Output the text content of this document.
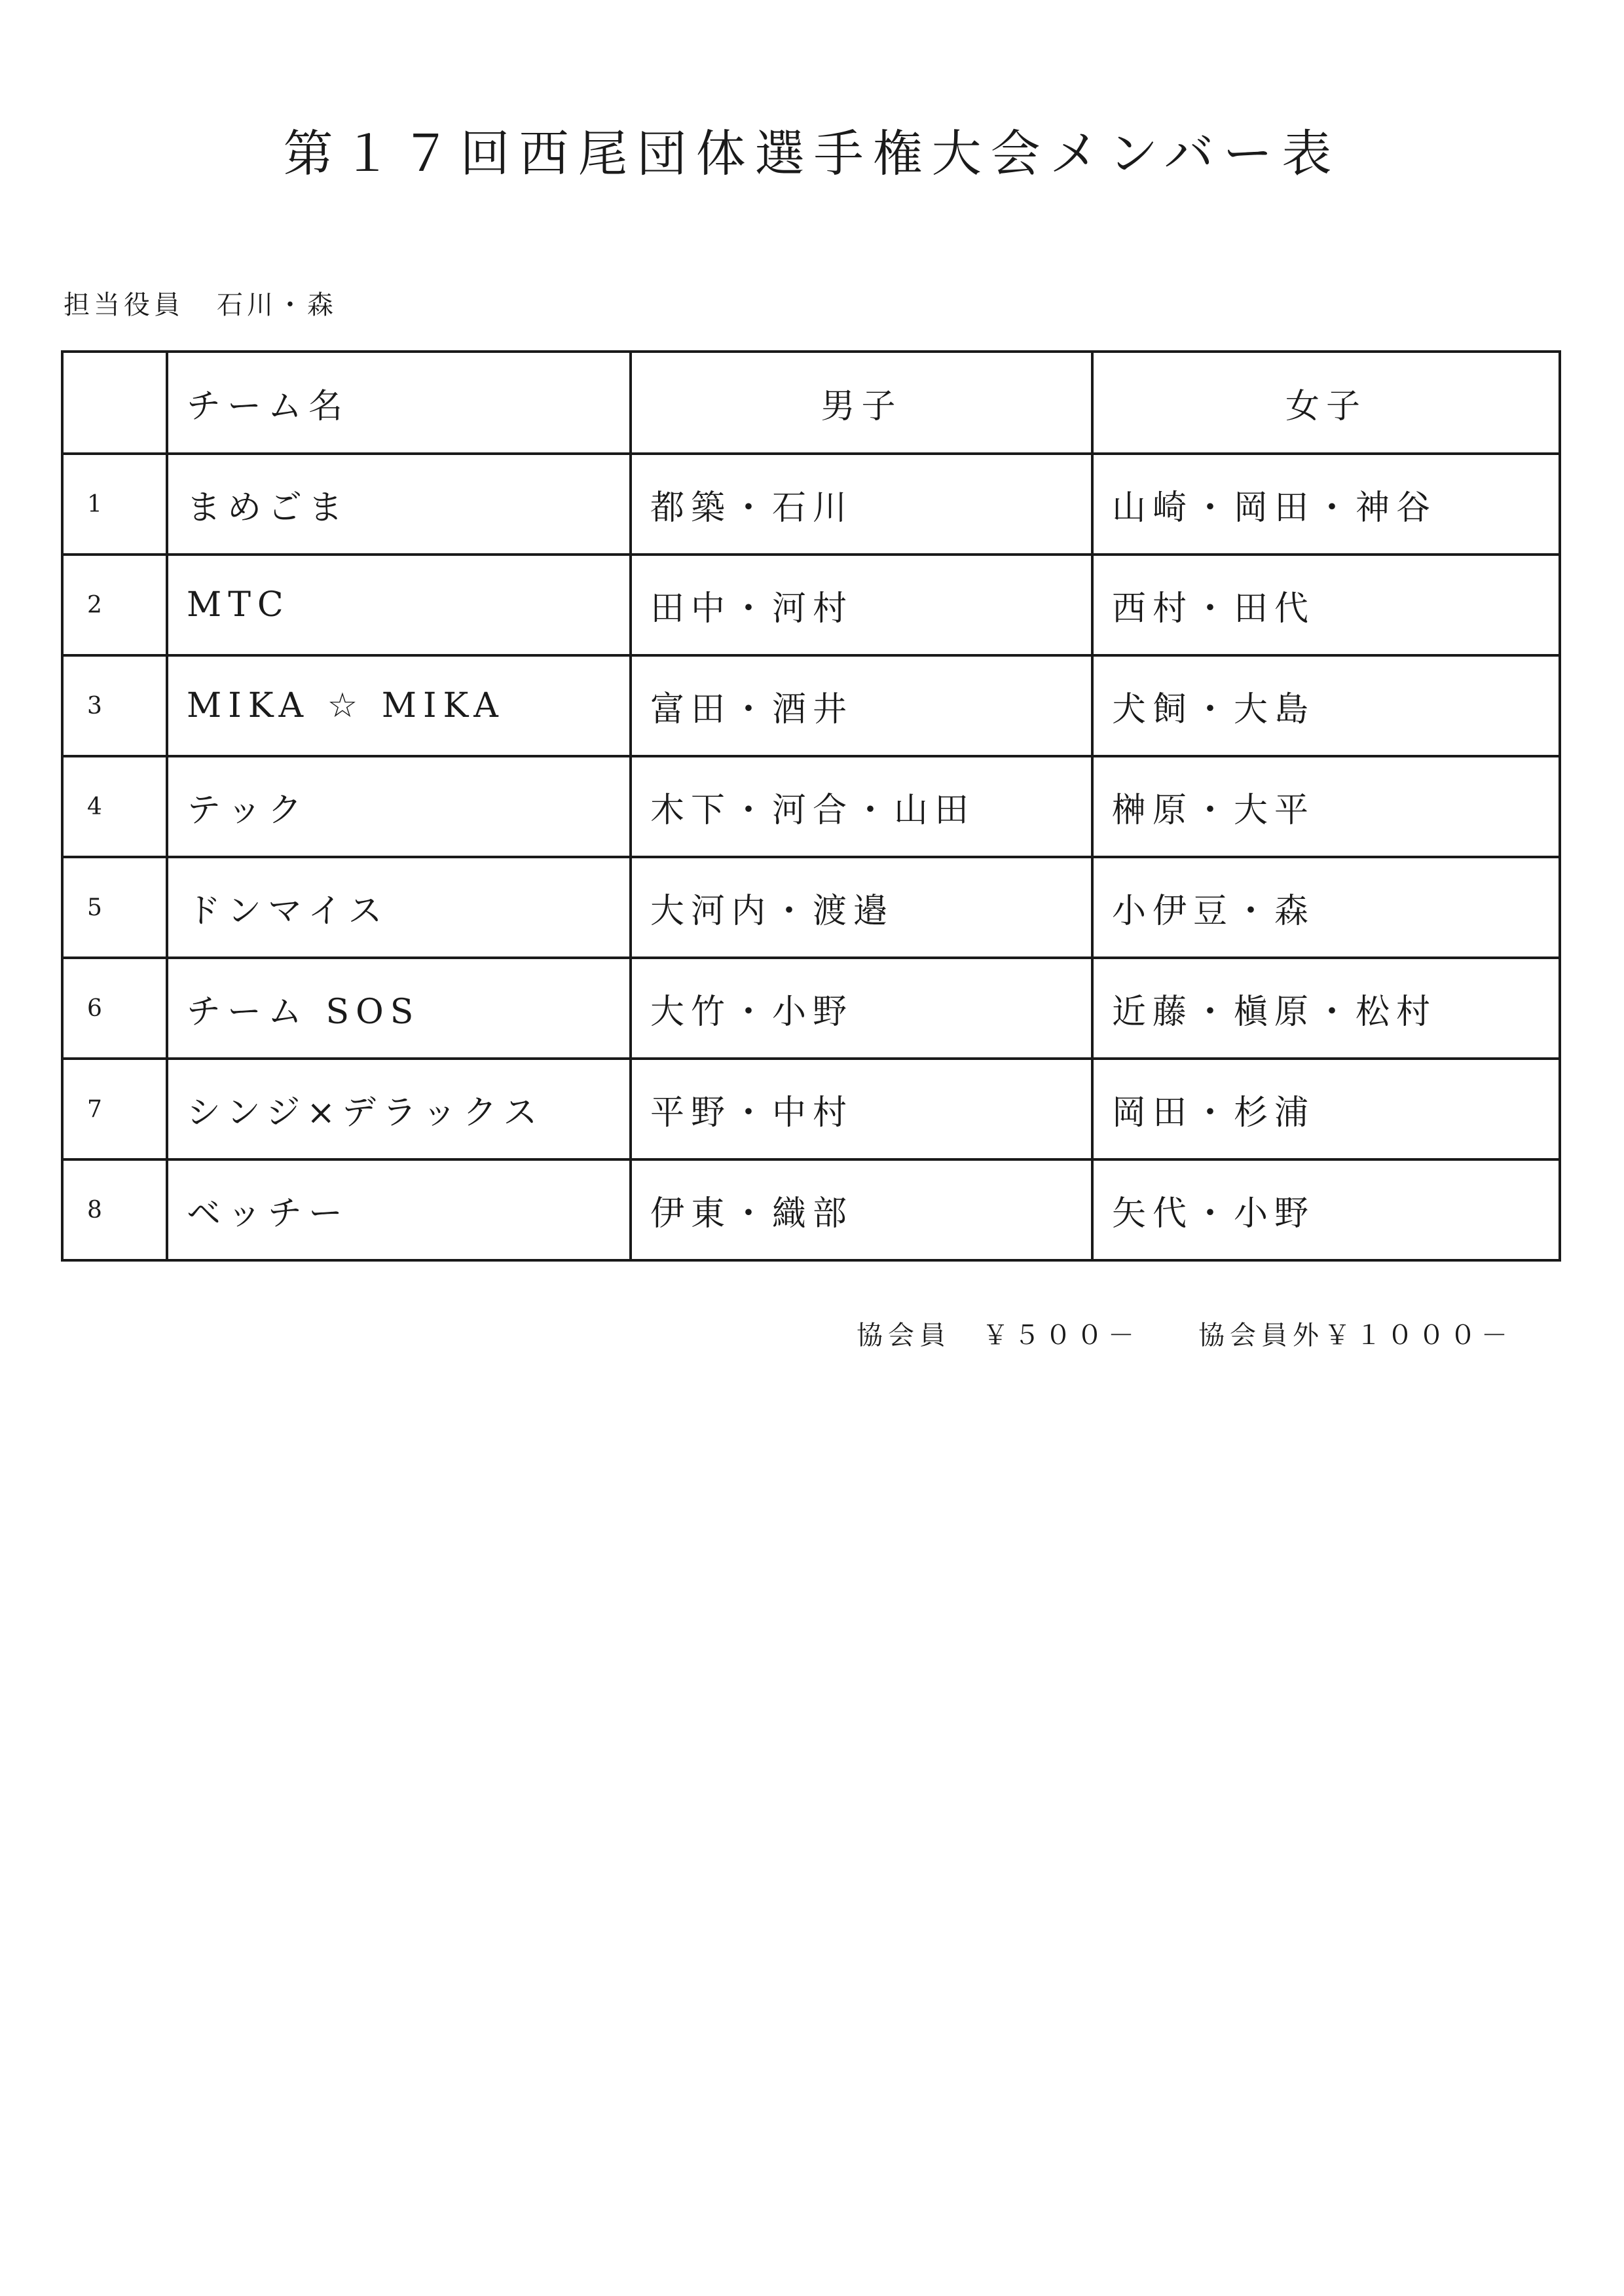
第１７回西尾団体選手権大会メンバー表
担当役員 石川・森
	チーム名	男子	女子
1	まめごま	都築・石川	山崎・岡田・神谷
2	MTC	田中・河村	西村・田代
3	MIKA ☆ MIKA	富田・酒井	犬飼・大島
4	テック	木下・河合・山田	榊原・大平
5	ドンマイス	大河内・渡邉	小伊豆・森
6	チーム SOS	大竹・小野	近藤・槇原・松村
7	シンジ×デラックス	平野・中村	岡田・杉浦
8	ベッチー	伊東・織部	矢代・小野
協会員　￥５００－ 協会員外￥１０００－
